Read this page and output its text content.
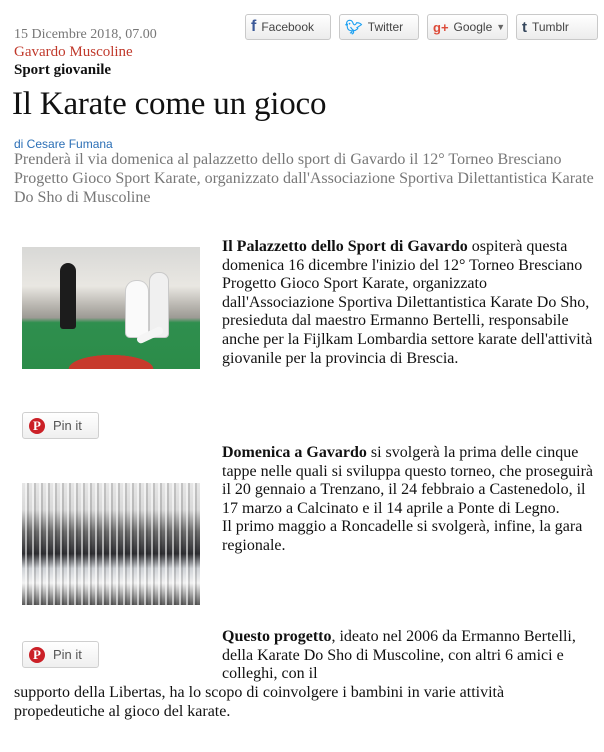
f Facebook 🐦︎ Twitter g+ Google ▼ t Tumblr
15 Dicembre 2018, 07.00
Gavardo Muscoline
Sport giovanile
Il Karate come un gioco
di Cesare Fumana

Prenderà il via domenica al palazzetto dello sport di Gavardo il 12° Torneo Bresciano Progetto Gioco Sport Karate, organizzato dall'Associazione Sportiva Dilettantistica Karate Do Sho di Muscoline

P Pin it
P Pin it

Il Palazzetto dello Sport di Gavardo ospiterà questa domenica 16 dicembre l'inizio del 12° Torneo Bresciano Progetto Gioco Sport Karate, organizzato dall'Associazione Sportiva Dilettantistica Karate Do Sho, presieduta dal maestro Ermanno Bertelli, responsabile anche per la Fijlkam Lombardia settore karate dell'attività giovanile per la provincia di Brescia.

Domenica a Gavardo si svolgerà la prima delle cinque tappe nelle quali si sviluppa questo torneo, che proseguirà il 20 gennaio a Trenzano, il 24 febbraio a Castenedolo, il 17 marzo a Calcinato e il 14 aprile a Ponte di Legno.
Il primo maggio a Roncadelle si svolgerà, infine, la gara regionale.

Questo progetto, ideato nel 2006 da Ermanno Bertelli, della Karate Do Sho di Muscoline, con altri 6 amici e colleghi, con il

supporto della Libertas, ha lo scopo di coinvolgere i bambini in varie attività propedeutiche al gioco del karate.
